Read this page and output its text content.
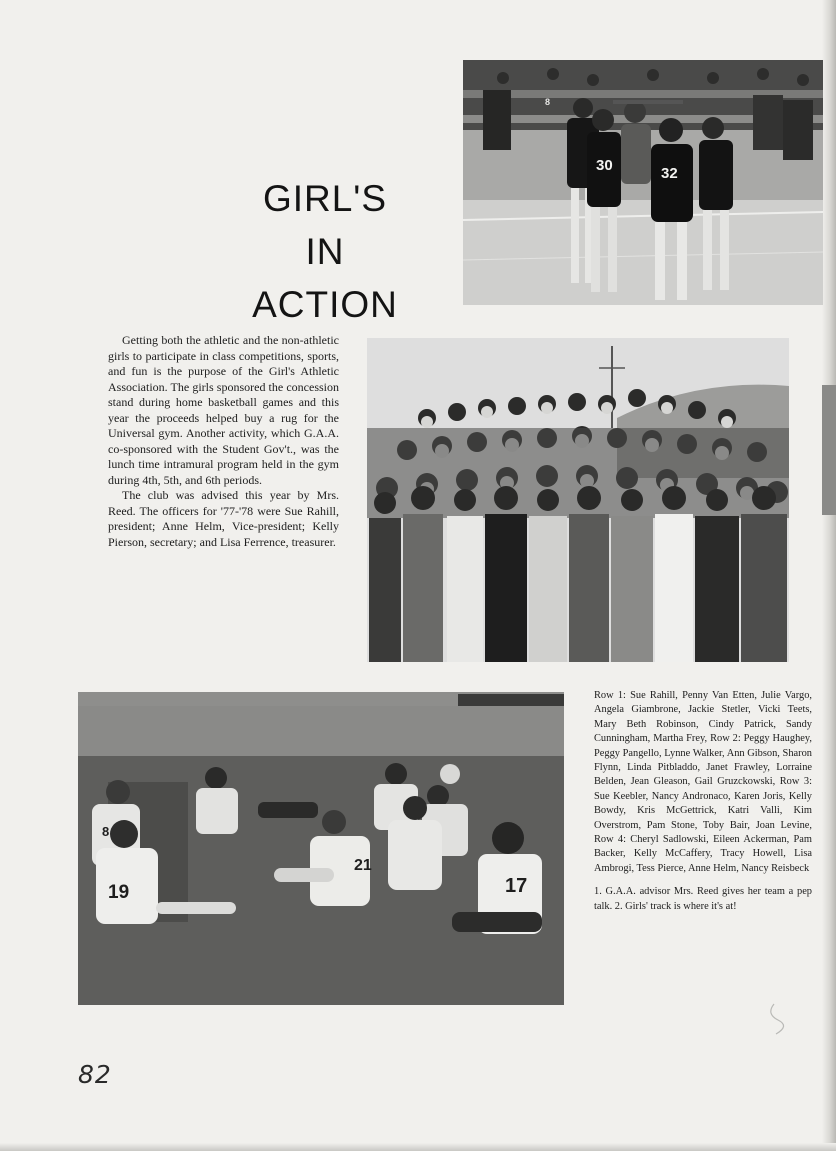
GIRL'S
IN
ACTION
30	32
8

Getting both the athletic and the non-athletic girls to participate in class competitions, sports, and fun is the purpose of the Girl's Athletic Association. The girls sponsored the concession stand during home basketball games and this year the proceeds helped buy a rug for the Universal gym. Another activity, which G.A.A. co-sponsored with the Student Gov't., was the lunch time intramural program held in the gym during 4th, 5th, and 6th periods.

The club was advised this year by Mrs. Reed. The officers for '77-'78 were Sue Rahill, president; Anne Helm, Vice-president; Kelly Pierson, secretary; and Lisa Ferrence, treasurer.

19
21
17
8

Row 1: Sue Rahill, Penny Van Etten, Julie Vargo, Angela Giambrone, Jackie Stetler, Vicki Teets, Mary Beth Robinson, Cindy Patrick, Sandy Cunningham, Martha Frey, Row 2: Peggy Haughey, Peggy Pangello, Lynne Walker, Ann Gibson, Sharon Flynn, Linda Pitbladdo, Janet Frawley, Lorraine Belden, Jean Gleason, Gail Gruzckowski, Row 3: Sue Keebler, Nancy Andronaco, Karen Joris, Kelly Bowdy, Kris McGettrick, Katri Valli, Kim Overstrom, Pam Stone, Toby Bair, Joan Levine, Row 4: Cheryl Sadlowski, Eileen Ackerman, Pam Backer, Kelly McCaffery, Tracy Howell, Lisa Ambrogi, Tess Pierce, Anne Helm, Nancy Reisbeck

1. G.A.A. advisor Mrs. Reed gives her team a pep talk. 2. Girls' track is where it's at!

82
